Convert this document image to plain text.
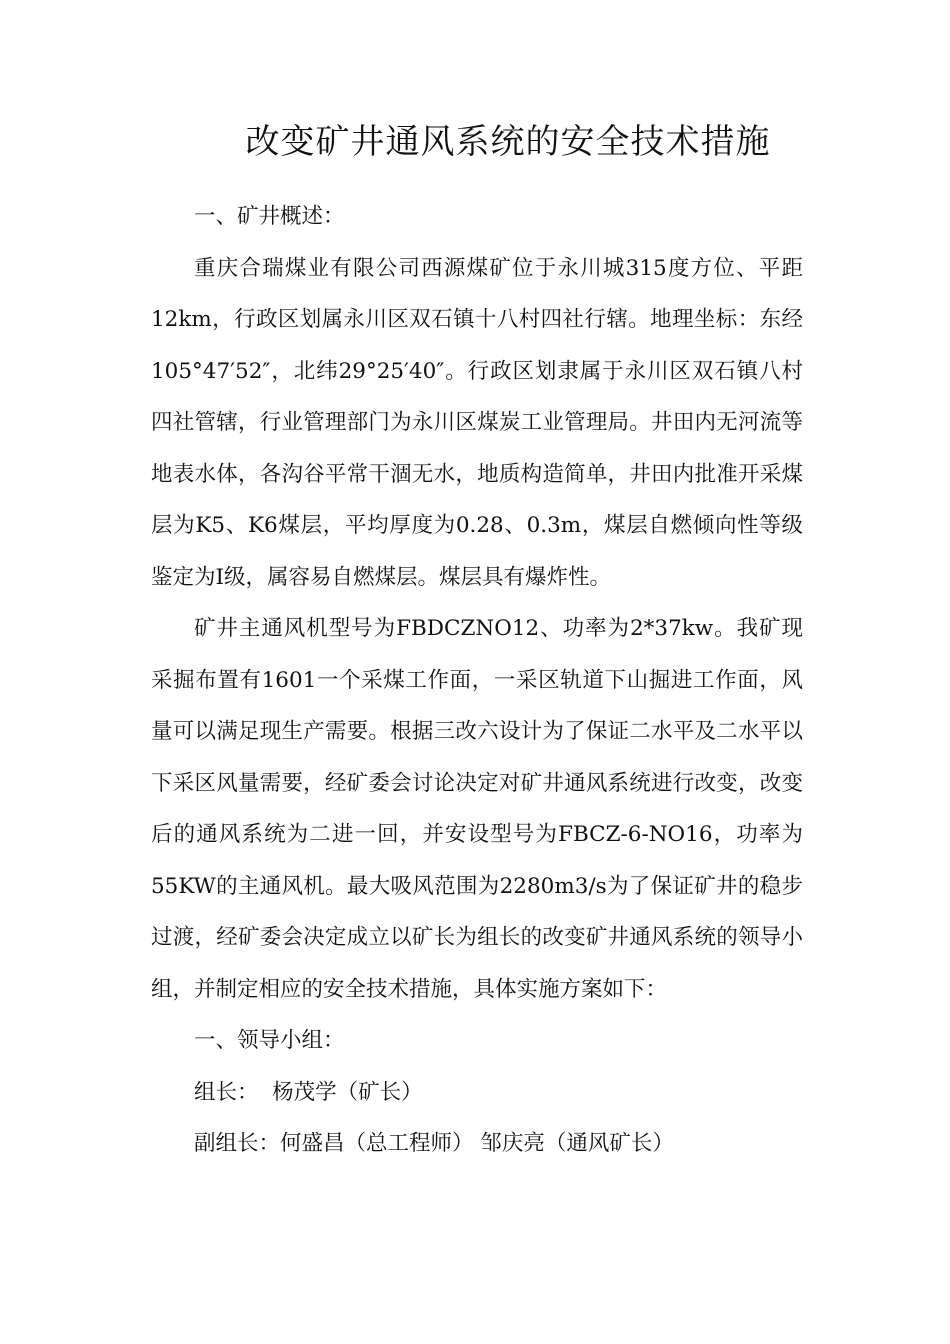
改变矿井通风系统的安全技术措施

一、矿井概述：

重庆合瑞煤业有限公司西源煤矿位于永川城315度方位、平距12km，行政区划属永川区双石镇十八村四社行辖。地理坐标：东经105°47′52″，北纬29°25′40″。行政区划隶属于永川区双石镇八村四社管辖，行业管理部门为永川区煤炭工业管理局。井田内无河流等地表水体，各沟谷平常干涸无水，地质构造简单，井田内批准开采煤层为K5、K6煤层，平均厚度为0.28、0.3m，煤层自燃倾向性等级鉴定为Ⅰ级，属容易自燃煤层。煤层具有爆炸性。

矿井主通风机型号为FBDCZNO12、功率为2*37kw。我矿现采掘布置有1601一个采煤工作面，一采区轨道下山掘进工作面，风量可以满足现生产需要。根据三改六设计为了保证二水平及二水平以下采区风量需要，经矿委会讨论决定对矿井通风系统进行改变，改变后的通风系统为二进一回，并安设型号为FBCZ-6-NO16，功率为55KW的主通风机。最大吸风范围为2280m3/s为了保证矿井的稳步过渡，经矿委会决定成立以矿长为组长的改变矿井通风系统的领导小组，并制定相应的安全技术措施，具体实施方案如下：

一、领导小组：

组长：  杨茂学（矿长）

副组长：何盛昌（总工程师） 邹庆亮（通风矿长）
